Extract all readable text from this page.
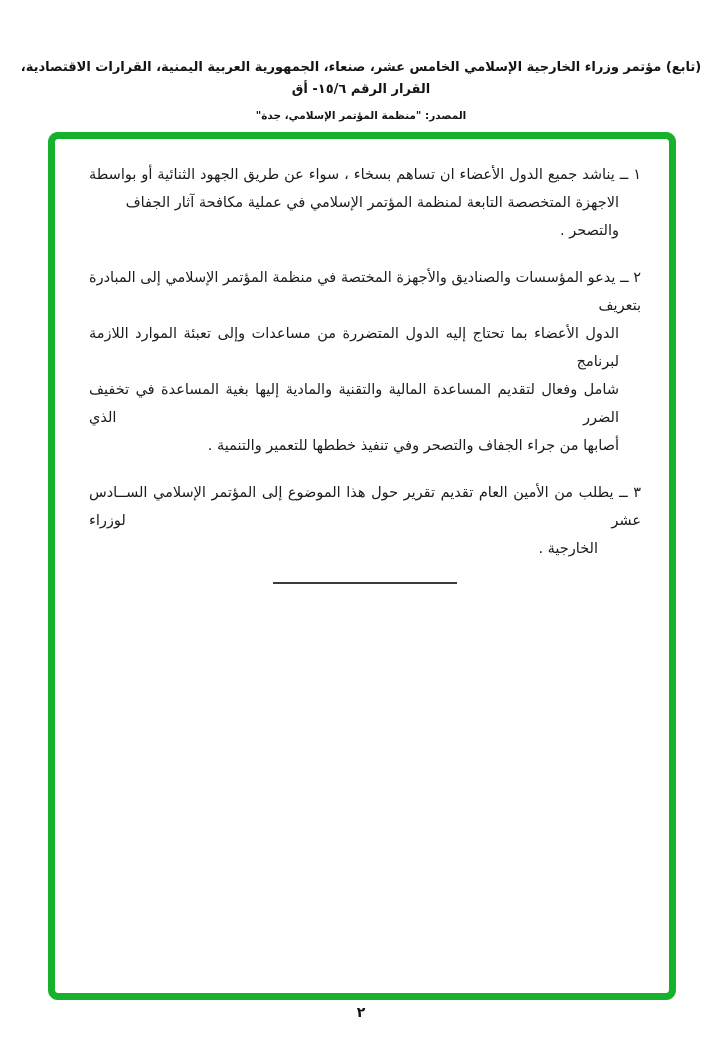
(تابع) مؤتمر وزراء الخارجية الإسلامي الخامس عشر، صنعاء، الجمهورية العربية اليمنية، القرارات الاقتصادية، القرار الرقم ١٥/٦- أق
المصدر: "منظمة المؤتمر الإسلامي، جدة"
١ ــ يناشد جميع الدول الأعضاء ان تساهم بسخاء ، سواء عن طريق الجهود الثنائية أو بواسطة
الاجهزة المتخصصة التابعة لمنظمة المؤتمر الإسلامي في عملية مكافحة آثار الجفاف والتصحر .
٢ ــ يدعو المؤسسات والصناديق والأجهزة المختصة في منظمة المؤتمر الإسلامي إلى المبادرة بتعريف
الدول الأعضاء بما تحتاج إليه الدول المتضررة من مساعدات وإلى تعبئة الموارد اللازمة لبرنامج
شامل وفعال لتقديم المساعدة المالية والتقنية والمادية إليها بغية المساعدة في تخفيف الضرر الذي
أصابها من جراء الجفاف والتصحر وفي تنفيذ خططها للتعمير والتنمية .
٣ ــ يطلب من الأمين العام تقديم تقرير حول هذا الموضوع إلى المؤتمر الإسلامي الســادس عشر لوزراء
الخارجية .
٢
